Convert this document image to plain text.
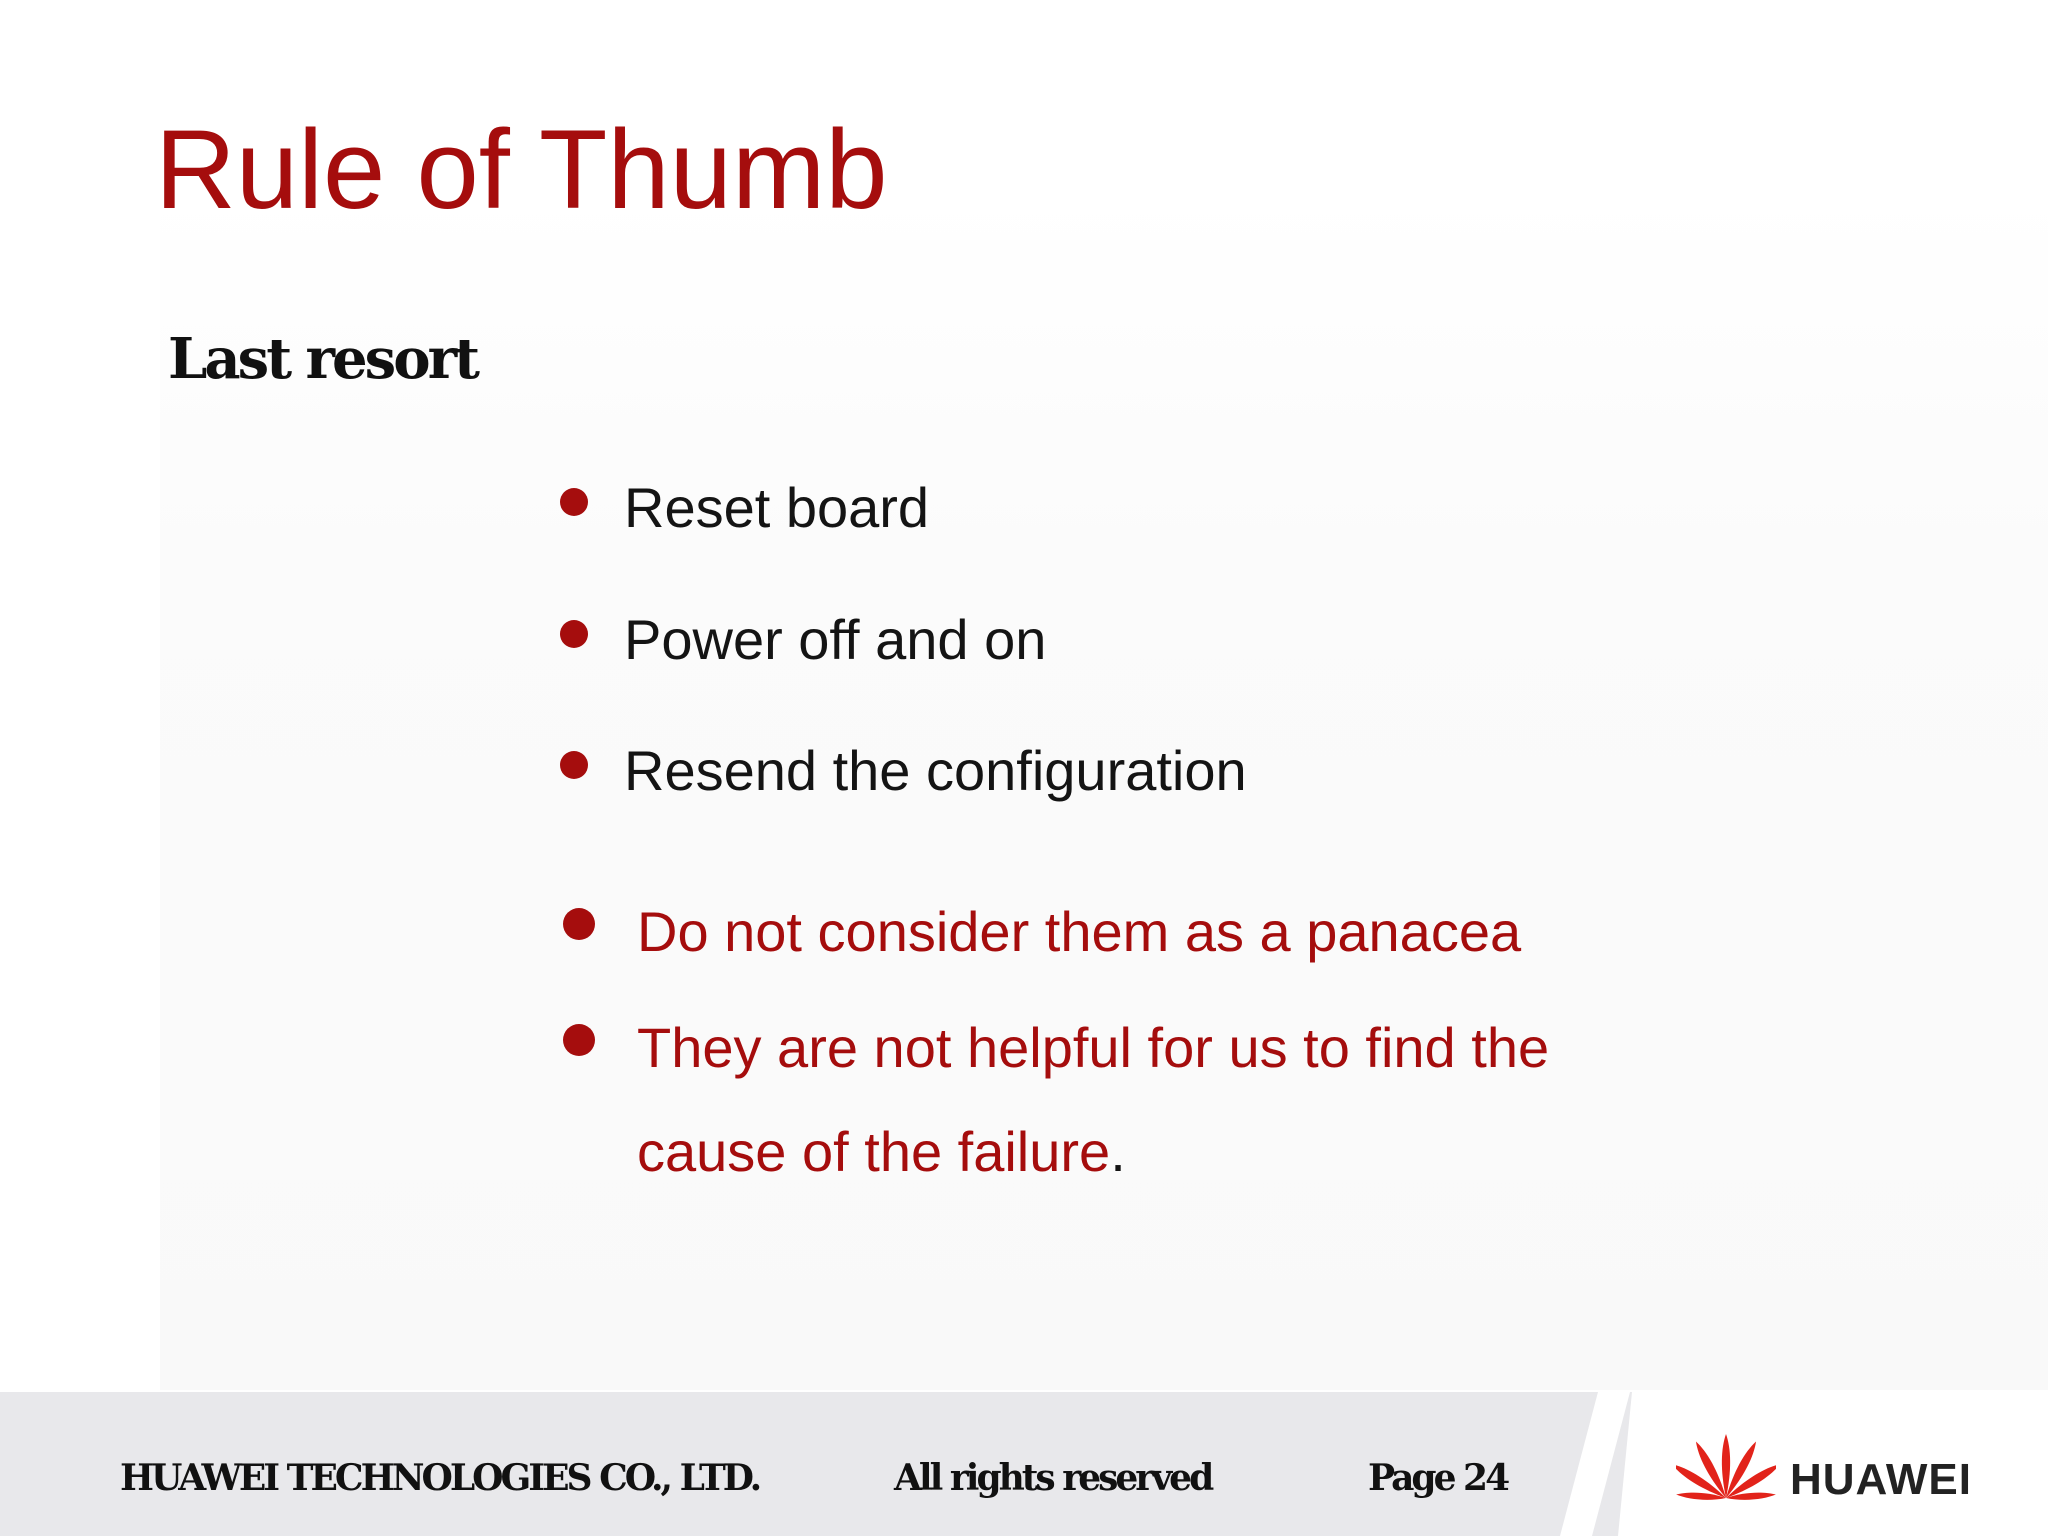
Rule of Thumb
Last resort
Reset board
Power off and on
Resend the configuration
Do not consider them as a panacea
They are not helpful for us to find the
cause of the failure.
HUAWEI TECHNOLOGIES CO., LTD.	All rights reserved	Page 24	HUAWEI
